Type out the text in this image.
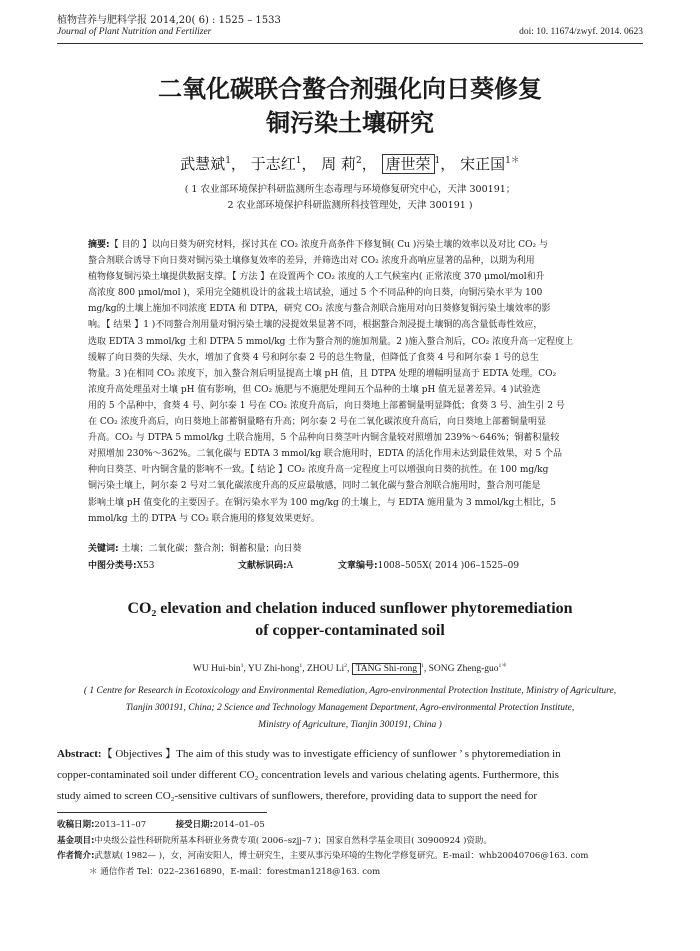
植物营养与肥料学报 2014,20( 6) : 1525 – 1533
Journal of Plant Nutrition and Fertilizer	doi: 10. 11674/zwyf. 2014. 0623
二氧化碳联合螯合剂强化向日葵修复
铜污染土壤研究
武慧斌$^1$， 于志红$^1$， 周 莉$^2$， 唐世荣 $^1$， 宋正国$^{1*}$
( 1 农业部环境保护科研监测所生态毒理与环境修复研究中心，天津 300191；
2 农业部环境保护科研监测所科技管理处，天津 300191 )
摘要:【 目的 】以向日葵为研究材料，探讨其在 CO₂ 浓度升高条件下修复铜( Cu )污染土壤的效率以及对比 CO₂ 与
螯合剂联合诱导下向日葵对铜污染土壤修复效率的差异，并筛选出对 CO₂ 浓度升高响应显著的品种，以期为利用
植物修复铜污染土壤提供数据支撑。【 方法 】在设置两个 CO₂ 浓度的人工气候室内( 正常浓度 370 μmol/mol和升
高浓度 800 μmol/mol )，采用完全随机设计的盆栽土培试验，通过 5 个不同品种的向日葵，向铜污染水平为 100
mg/kg的土壤上施加不同浓度 EDTA 和 DTPA，研究 CO₂ 浓度与螯合剂联合施用对向日葵修复铜污染土壤效率的影
响。【 结果 】1 )不同螯合剂用量对铜污染土壤的浸提效果显著不同，根据螯合剂浸提土壤铜的高含量低毒性效应，
选取 EDTA 3 mmol/kg 土和 DTPA 5 mmol/kg 土作为螯合剂的施加剂量。2 )施入螯合剂后，CO₂ 浓度升高一定程度上
缓解了向日葵的失绿、失水，增加了食葵 4 号和阿尔泰 2 号的总生物量，但降低了食葵 4 号和阿尔泰 1 号的总生
物量。3 )在相同 CO₂ 浓度下，加入螯合剂后明显提高土壤 pH 值，且 DTPA 处理的增幅明显高于 EDTA 处理。CO₂
浓度升高处理虽对土壤 pH 值有影响，但 CO₂ 施肥与不施肥处理间五个品种的土壤 pH 值无显著差异。4 )试验选
用的 5 个品种中，食葵 4 号、阿尔泰 1 号在 CO₂ 浓度升高后，向日葵地上部蓄铜量明显降低；食葵 3 号、油生引 2 号
在 CO₂ 浓度升高后，向日葵地上部蓄铜量略有升高；阿尔泰 2 号在二氧化碳浓度升高后，向日葵地上部蓄铜量明显
升高。CO₂ 与 DTPA 5 mmol/kg 土联合施用，5 个品种向日葵茎叶内铜含量较对照增加 239%～646%；铜蓄积量较
对照增加 230%～362%。二氧化碳与 EDTA 3 mmol/kg 联合施用时，EDTA 的活化作用未达到最佳效果，对 5 个品
种向日葵茎、叶内铜含量的影响不一致。【 结论 】CO₂ 浓度升高一定程度上可以增强向日葵的抗性。在 100 mg/kg
铜污染土壤上，阿尔泰 2 号对二氧化碳浓度升高的反应最敏感，同时二氧化碳与螯合剂联合施用时，螯合剂可能是
影响土壤 pH 值变化的主要因子。在铜污染水平为 100 mg/kg 的土壤上，与 EDTA 施用量为 3 mmol/kg土相比，5
mmol/kg 土的 DTPA 与 CO₂ 联合施用的修复效果更好。
关键词: 土壤；二氧化碳；螯合剂；铜蓄积量；向日葵
中图分类号:X53	文献标识码:A	文章编号:1008–505X( 2014 )06–1525–09
CO₂ elevation and chelation induced sunflower phytoremediation
of copper-contaminated soil
WU Hui-bin$^1$, YU Zhi-hong$^1$, ZHOU Li$^2$, TANG Shi-rong $^1$, SONG Zheng-guo$^{1*}$
( 1 Centre for Research in Ecotoxicology and Environmental Remediation, Agro-environmental Protection Institute, Ministry of Agriculture,
Tianjin 300191, China; 2 Science and Technology Management Department, Agro-environmental Protection Institute,
Ministry of Agriculture, Tianjin 300191, China )
Abstract:【 Objectives 】The aim of this study was to investigate efficiency of sunflower ’ s phytoremediation in
copper-contaminated soil under different CO₂ concentration levels and various chelating agents. Furthermore, this
study aimed to screen CO₂-sensitive cultivars of sunflowers, therefore, providing data to support the need for
收稿日期:2013–11–07	接受日期:2014–01–05
基金项目:中央级公益性科研院所基本科研业务费专项( 2006–szjj–7 )；国家自然科学基金项目( 30900924 )资助。
作者简介:武慧斌( 1982— )，女，河南安阳人，博士研究生，主要从事污染环境的生物化学修复研究。E-mail：whb20040706@163. com
＊ 通信作者 Tel：022–23616890，E-mail：forestman1218@163. com
